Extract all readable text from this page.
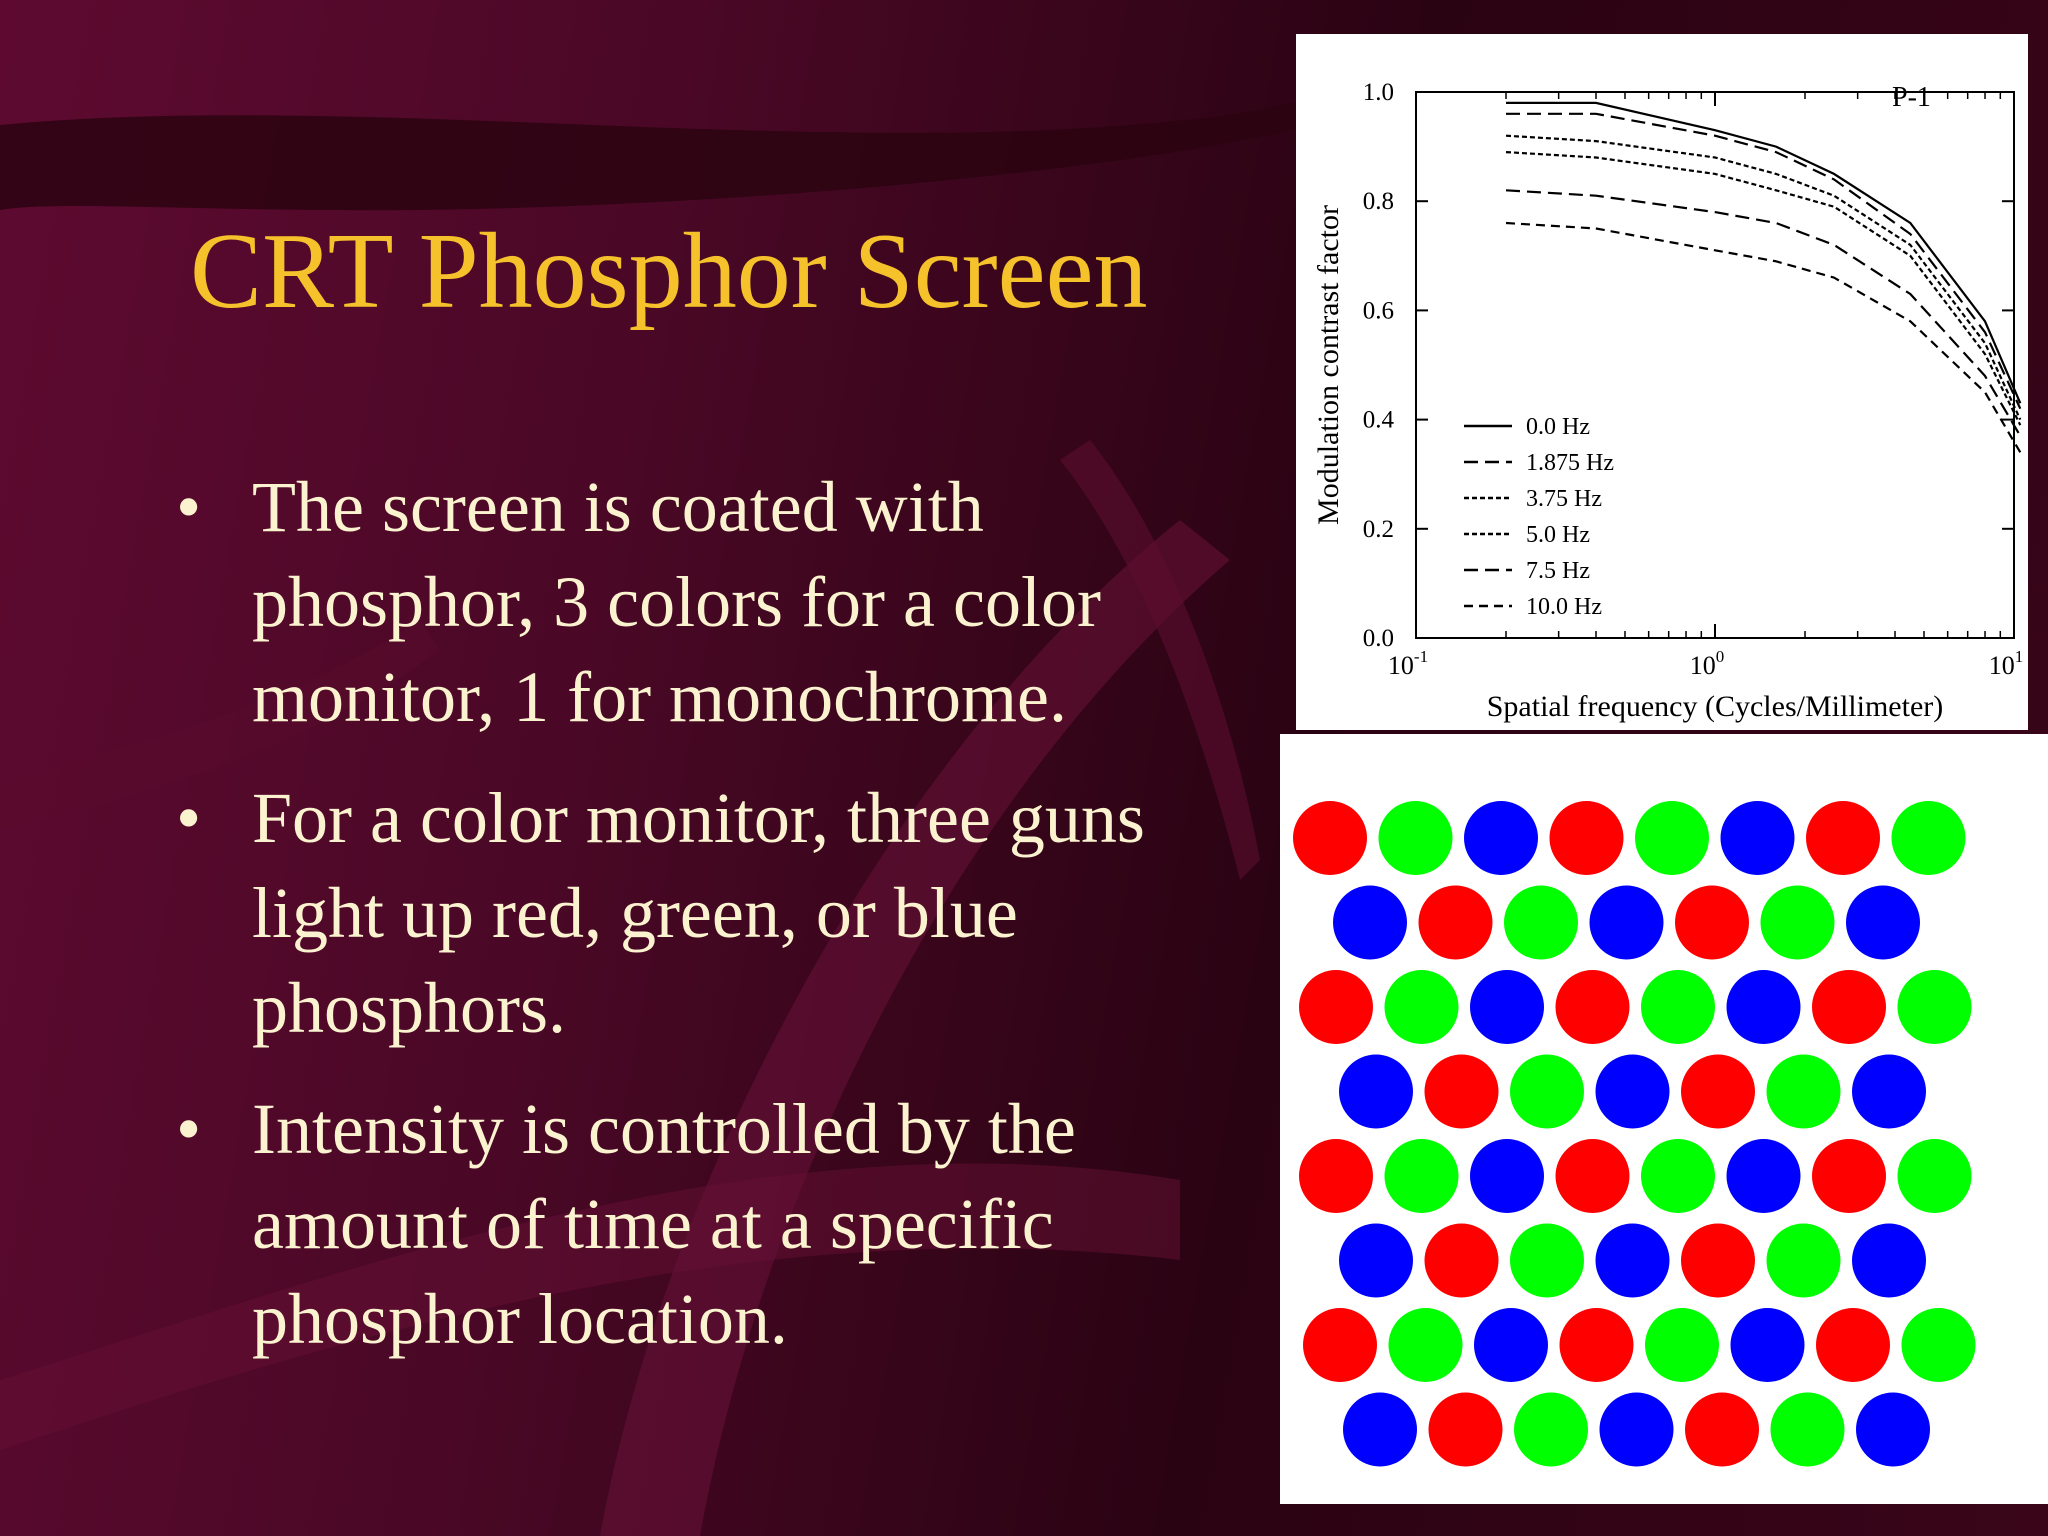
CRT Phosphor Screen
• The screen is coated with phosphor, 3 colors for a color monitor, 1 for monochrome.
• For a color monitor, three guns light up red, green, or blue phosphors.
• Intensity is controlled by the amount of time at a specific phosphor location.
0.0
0.2
0.4
0.6
0.8
1.0
$10^{-1}$	$10^0$	$10^1$
Spatial frequency (Cycles/Millimeter)
Modulation contrast factor
P-1
0.0 Hz
1.875 Hz
3.75 Hz
5.0 Hz
7.5 Hz
10.0 Hz
